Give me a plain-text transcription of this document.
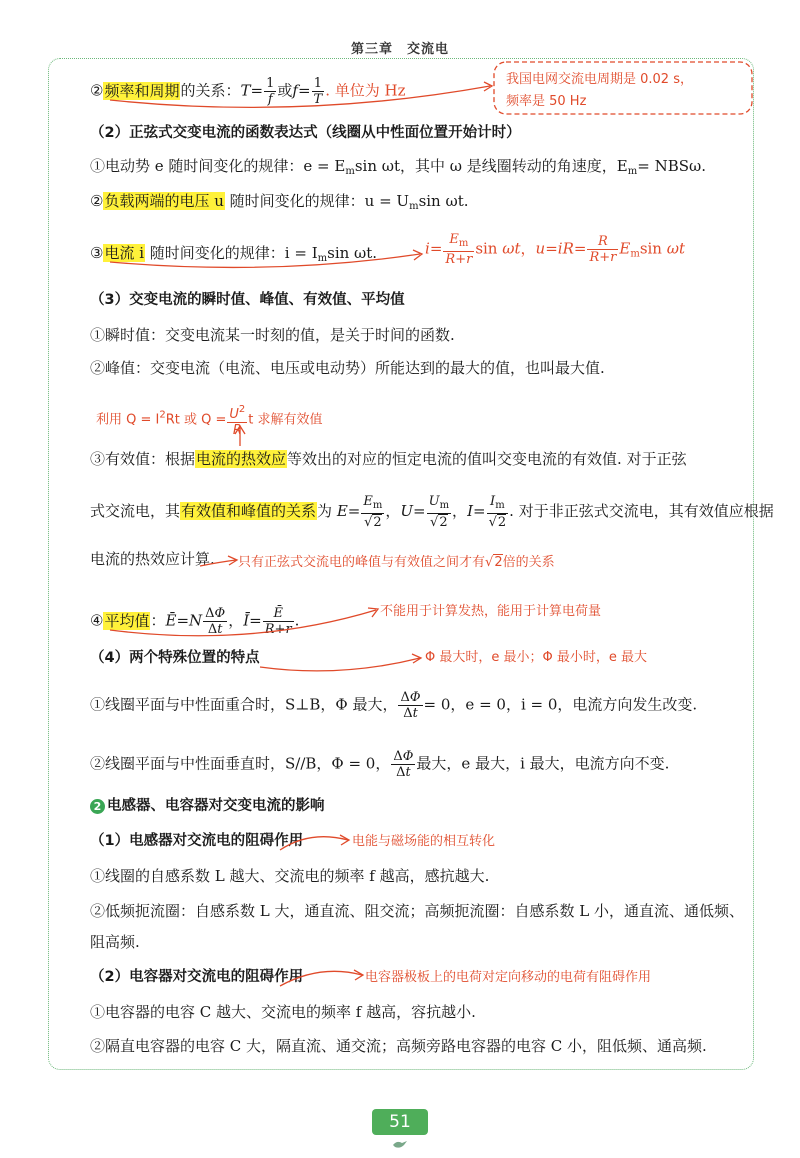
第三章　交流电
②频率和周期的关系：$T= \frac{1}{f}$ 或$f= \frac{1}{T}$ . 单位为 Hz
（2）正弦式交变电流的函数表达式（线圈从中性面位置开始计时）
①电动势 e 随时间变化的规律：$e = E_m\sin$ ωt，其中 ω 是线圈转动的角速度，$E_m= NBS\omega$.
②负载两端的电压 u 随时间变化的规律：$u = U_m\sin$ ωt.
③电流 i 随时间变化的规律：$i = I_m\sin$ ωt.	$i= \frac{E_m}{R+r}$ sin ωt，$u=iR= \frac{R}{R+r} E_m\sin$ ωt
（3）交变电流的瞬时值、峰值、有效值、平均值
①瞬时值：交变电流某一时刻的值，是关于时间的函数.
②峰值：交变电流（电流、电压或电动势）所能达到的最大的值，也叫最大值.
利用 $Q = I^2Rt$ 或 $Q = \frac{U^2}{R}$ t 求解有效值
③有效值：根据电流的热效应等效出的对应的恒定电流的值叫交变电流的有效值. 对于正弦
式交流电，其有效值和峰值的关系为 $E= \frac{E_m}{√2}$ ，$U= \frac{U_m}{√2}$ ，$I= \frac{I_m}{√2}$ . 对于非正弦式交流电，其有效值应根据
电流的热效应计算. 只有正弦式交流电的峰值与有效值之间才有√2倍的关系
④平均值：Ē=N $\frac{\Delta\Phi}{\Delta t}$ ，Ī= $\frac{Ē}{R+r}$ .	不能用于计算发热，能用于计算电荷量
（4）两个特殊位置的特点	Φ 最大时，e 最小；Φ 最小时，e 最大
①线圈平面与中性面重合时，S⊥B，Φ 最大， $\frac{\Delta\Phi}{\Delta t} = 0$，e = 0，i = 0，电流方向发生改变.
②线圈平面与中性面垂直时，S//B，Φ = 0， $\frac{\Delta\Phi}{\Delta t}$ 最大，e 最大，i 最大，电流方向不变.
2 电感器、电容器对交变电流的影响
（1）电感器对交流电的阻碍作用	电能与磁场能的相互转化
①线圈的自感系数 L 越大、交流电的频率 f 越高，感抗越大.
②低频扼流圈：自感系数 L 大，通直流、阻交流；高频扼流圈：自感系数 L 小，通直流、通低频、
阻高频.
（2）电容器对交流电的阻碍作用	电容器极板上的电荷对定向移动的电荷有阻碍作用
①电容器的电容 C 越大、交流电的频率 f 越高，容抗越小.
②隔直电容器的电容 C 大，隔直流、通交流；高频旁路电容器的电容 C 小，阻低频、通高频.
我国电网交流电周期是 0.02 s，
频率是 50 Hz
51
